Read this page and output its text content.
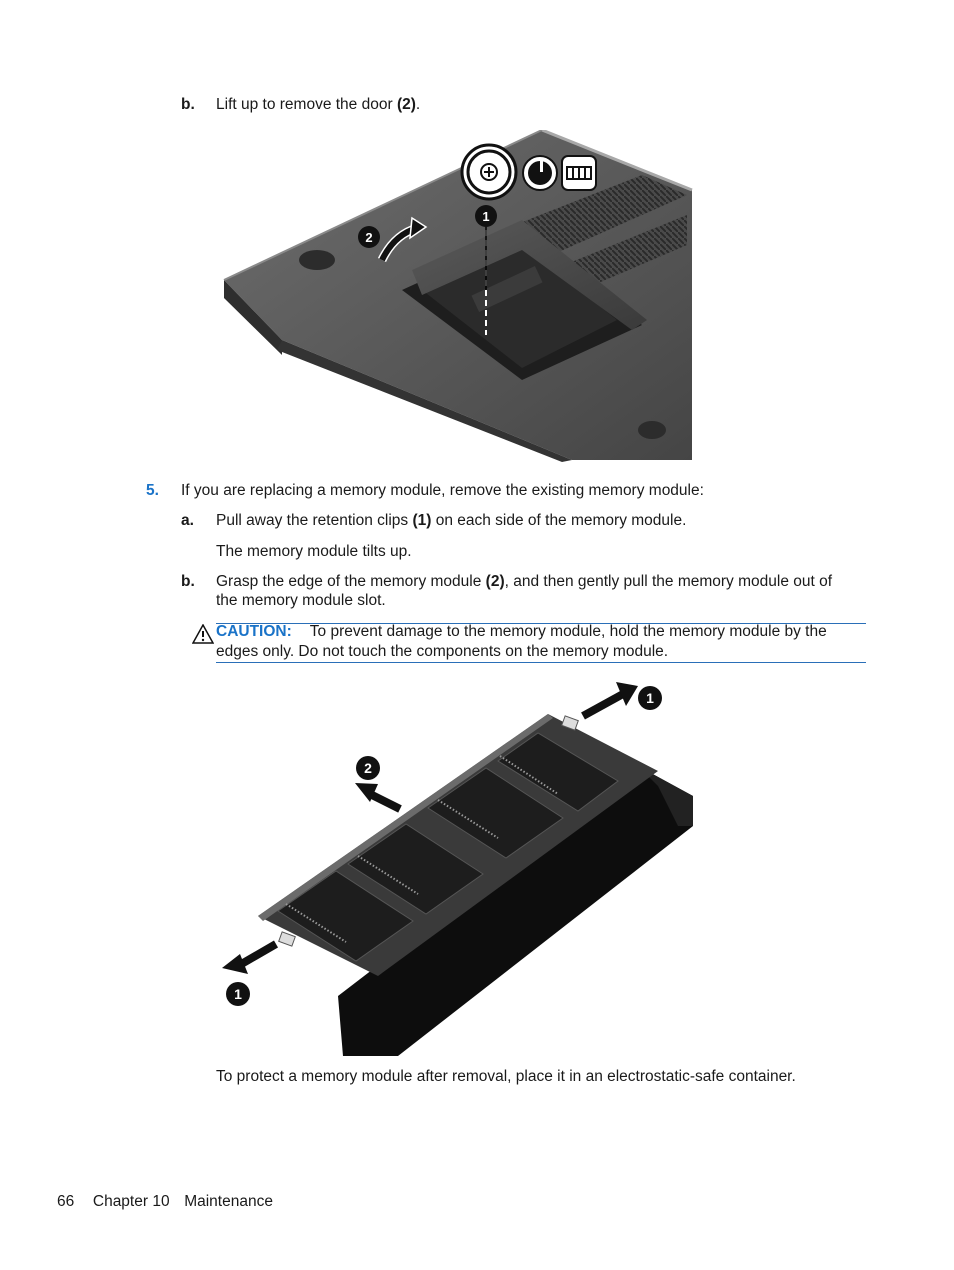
b. Lift up to remove the door (2).
2
1
5. If you are replacing a memory module, remove the existing memory module:
a. Pull away the retention clips (1) on each side of the memory module.
The memory module tilts up.
b. Grasp the edge of the memory module (2), and then gently pull the memory module out of
the memory module slot.
CAUTION: To prevent damage to the memory module, hold the memory module by the
edges only. Do not touch the components on the memory module.
1
2
1
To protect a memory module after removal, place it in an electrostatic-safe container.
66 Chapter 10 Maintenance
